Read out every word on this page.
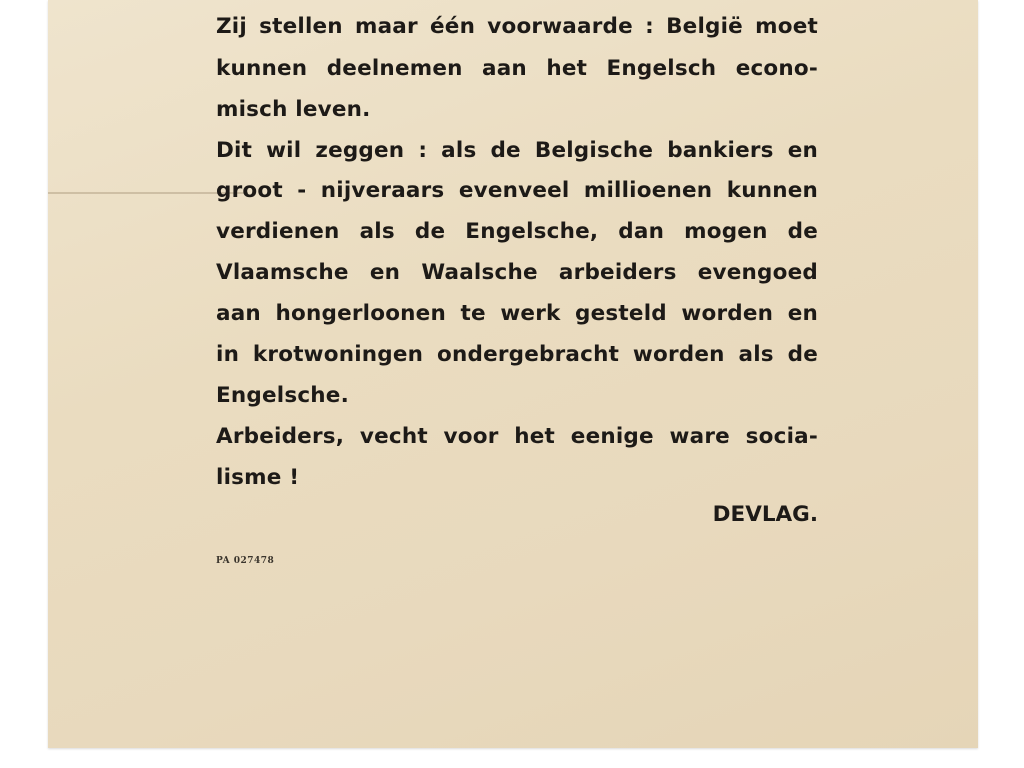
Zij stellen maar één voorwaarde : België moet
kunnen deelnemen aan het Engelsch econo-
misch leven.
Dit wil zeggen : als de Belgische bankiers en
groot - nijveraars evenveel millioenen kunnen
verdienen als de Engelsche, dan mogen de
Vlaamsche en Waalsche arbeiders evengoed
aan hongerloonen te werk gesteld worden en
in krotwoningen ondergebracht worden als de
Engelsche.
Arbeiders, vecht voor het eenige ware socia-
lisme !
DEVLAG.
PA 027478
